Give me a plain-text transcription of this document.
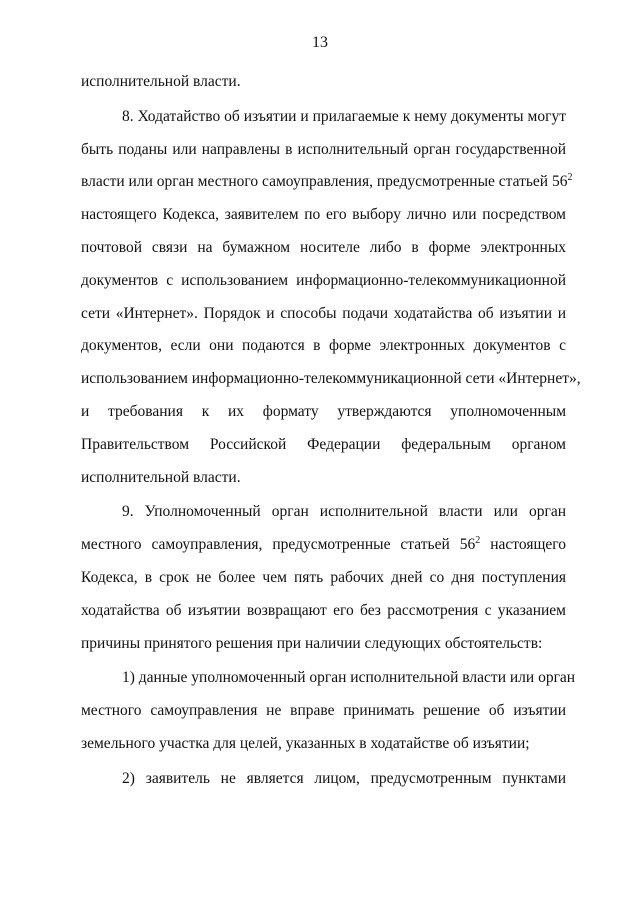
13
исполнительной власти.
8. Ходатайство об изъятии и прилагаемые к нему документы могут
быть поданы или направлены в исполнительный орган государственной
власти или орган местного самоуправления, предусмотренные статьей $56^2$
настоящего Кодекса, заявителем по его выбору лично или посредством
почтовой связи на бумажном носителе либо в форме электронных
документов с использованием информационно-телекоммуникационной
сети «Интернет». Порядок и способы подачи ходатайства об изъятии и
документов, если они подаются в форме электронных документов с
использованием информационно-телекоммуникационной сети «Интернет»,
и требования к их формату утверждаются уполномоченным
Правительством Российской Федерации федеральным органом
исполнительной власти.
9. Уполномоченный орган исполнительной власти или орган
местного самоуправления, предусмотренные статьей $56^2$ настоящего
Кодекса, в срок не более чем пять рабочих дней со дня поступления
ходатайства об изъятии возвращают его без рассмотрения с указанием
причины принятого решения при наличии следующих обстоятельств:
1) данные уполномоченный орган исполнительной власти или орган
местного самоуправления не вправе принимать решение об изъятии
земельного участка для целей, указанных в ходатайстве об изъятии;
2) заявитель не является лицом, предусмотренным пунктами
